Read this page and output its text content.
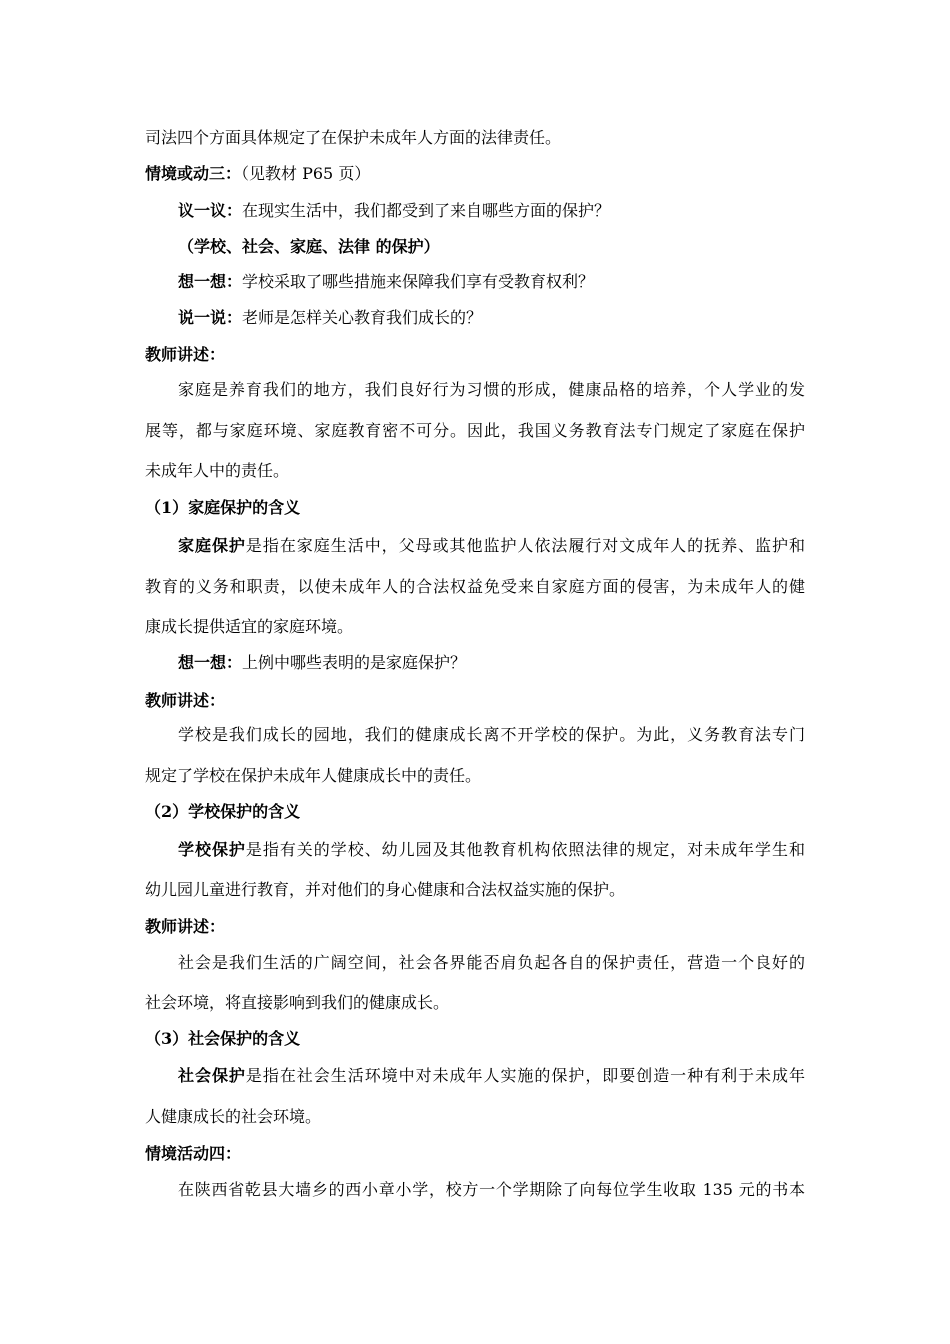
司法四个方面具体规定了在保护未成年人方面的法律责任。
情境或动三：（见教材 P65 页）
议一议：在现实生活中，我们都受到了来自哪些方面的保护？
（学校、社会、家庭、法律 的保护）
想一想：学校采取了哪些措施来保障我们享有受教育权利？
说一说：老师是怎样关心教育我们成长的？
教师讲述：
家庭是养育我们的地方，我们良好行为习惯的形成，健康品格的培养，个人学业的发
展等，都与家庭环境、家庭教育密不可分。因此，我国义务教育法专门规定了家庭在保护
未成年人中的责任。
（1）家庭保护的含义
家庭保护是指在家庭生活中，父母或其他监护人依法履行对文成年人的抚养、监护和
教育的义务和职责，以使未成年人的合法权益免受来自家庭方面的侵害，为未成年人的健
康成长提供适宜的家庭环境。
想一想：上例中哪些表明的是家庭保护？
教师讲述：
学校是我们成长的园地，我们的健康成长离不开学校的保护。为此，义务教育法专门
规定了学校在保护未成年人健康成长中的责任。
（2）学校保护的含义
学校保护是指有关的学校、幼儿园及其他教育机构依照法律的规定，对未成年学生和
幼儿园儿童进行教育，并对他们的身心健康和合法权益实施的保护。
教师讲述：
社会是我们生活的广阔空间，社会各界能否肩负起各自的保护责任，营造一个良好的
社会环境，将直接影响到我们的健康成长。
（3）社会保护的含义
社会保护是指在社会生活环境中对未成年人实施的保护，即要创造一种有利于未成年
人健康成长的社会环境。
情境活动四：
在陕西省乾县大墙乡的西小章小学，校方一个学期除了向每位学生收取 135 元的书本
